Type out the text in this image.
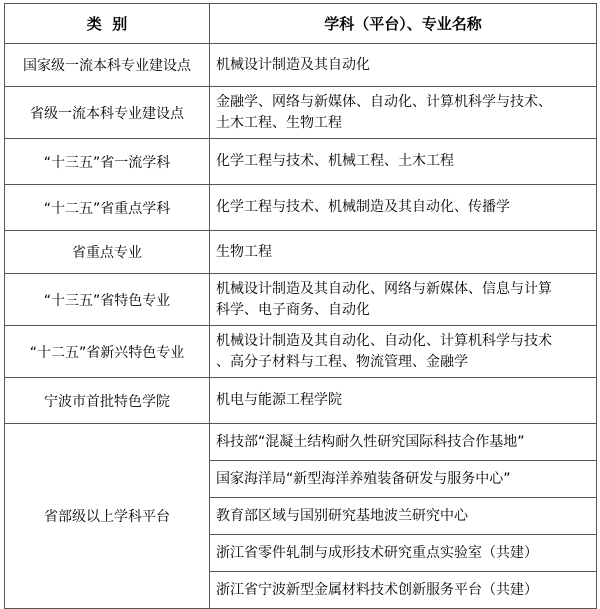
类  别	学科（平台）、专业名称
国家级一流本科专业建设点	机械设计制造及其自动化
省级一流本科专业建设点	金融学、网络与新媒体、自动化、计算机科学与技术、
土木工程、生物工程

“十三五”省一流学科	化学工程与技术、机械工程、土木工程
“十二五”省重点学科	化学工程与技术、机械制造及其自动化、传播学
省重点专业	生物工程
“十三五”省特色专业	机械设计制造及其自动化、网络与新媒体、信息与计算
科学、电子商务、自动化

“十二五”省新兴特色专业	机械设计制造及其自动化、自动化、计算机科学与技术
、高分子材料与工程、物流管理、金融学

宁波市首批特色学院	机电与能源工程学院
省部级以上学科平台	科技部“混凝土结构耐久性研究国际科技合作基地”
国家海洋局“新型海洋养殖装备研发与服务中心”
教育部区域与国别研究基地波兰研究中心
浙江省零件轧制与成形技术研究重点实验室（共建）
浙江省宁波新型金属材料技术创新服务平台（共建）
